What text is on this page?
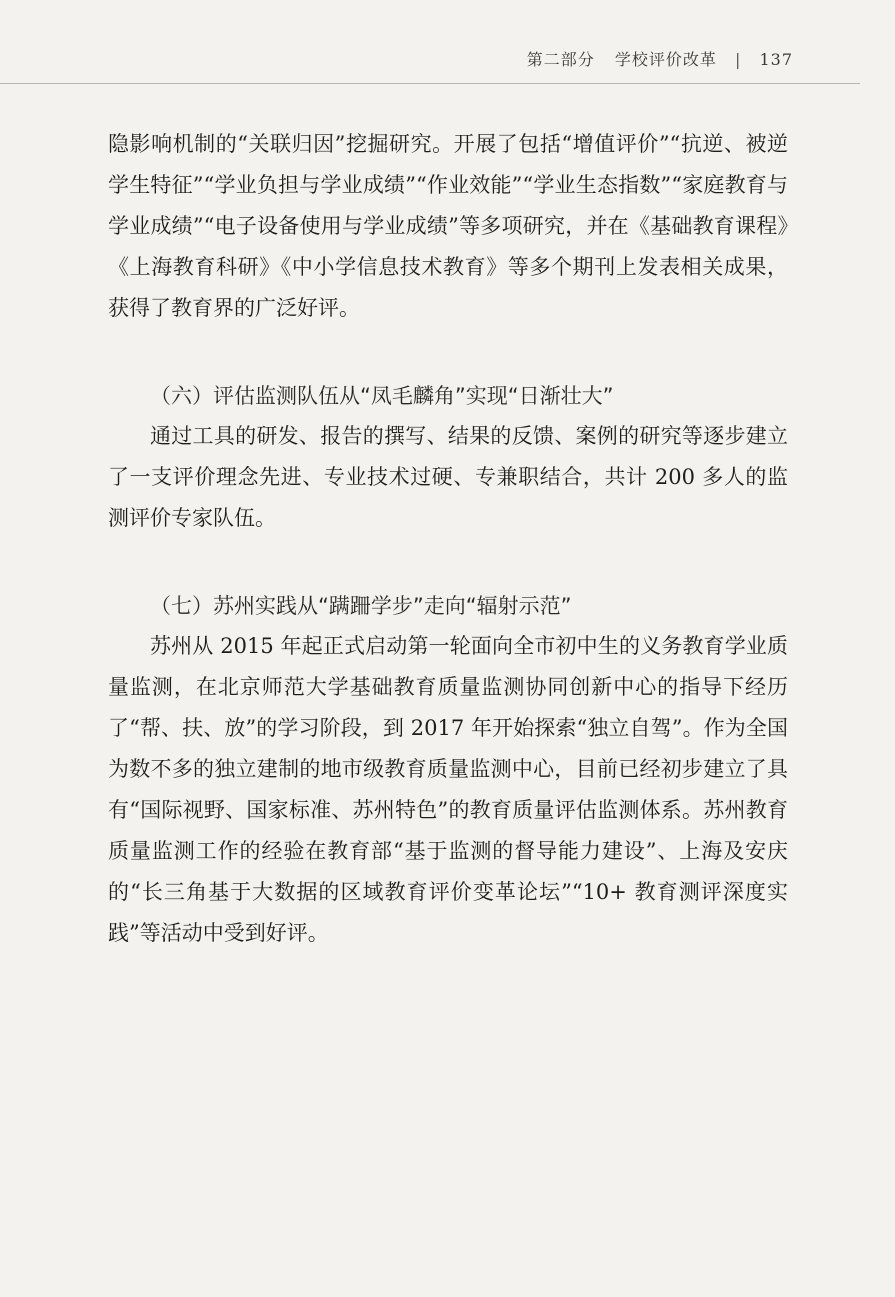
第二部分 学校评价改革 | 137

隐影响机制的“关联归因”挖掘研究。开展了包括“增值评价”“抗逆、被逆学生特征”“学业负担与学业成绩”“作业效能”“学业生态指数”“家庭教育与学业成绩”“电子设备使用与学业成绩”等多项研究，并在《基础教育课程》《上海教育科研》《中小学信息技术教育》等多个期刊上发表相关成果，获得了教育界的广泛好评。

（六）评估监测队伍从“凤毛麟角”实现“日渐壮大”

通过工具的研发、报告的撰写、结果的反馈、案例的研究等逐步建立了一支评价理念先进、专业技术过硬、专兼职结合，共计 200 多人的监测评价专家队伍。

（七）苏州实践从“蹒跚学步”走向“辐射示范”

苏州从 2015 年起正式启动第一轮面向全市初中生的义务教育学业质量监测，在北京师范大学基础教育质量监测协同创新中心的指导下经历了“帮、扶、放”的学习阶段，到 2017 年开始探索“独立自驾”。作为全国为数不多的独立建制的地市级教育质量监测中心，目前已经初步建立了具有“国际视野、国家标准、苏州特色”的教育质量评估监测体系。苏州教育质量监测工作的经验在教育部“基于监测的督导能力建设”、上海及安庆的“长三角基于大数据的区域教育评价变革论坛”“10+ 教育测评深度实践”等活动中受到好评。
